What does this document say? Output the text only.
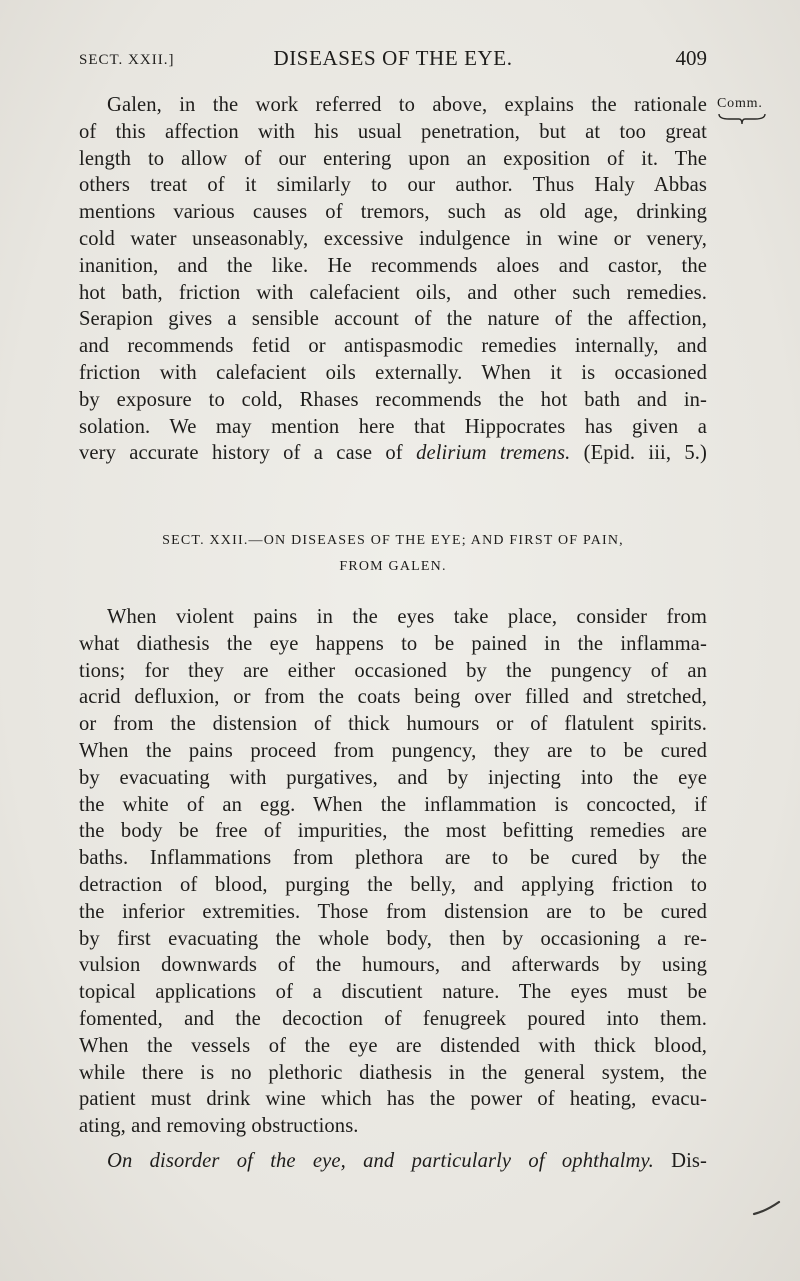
SECT. XXII.]	DISEASES OF THE EYE.	409
Comm.
Galen, in the work referred to above, explains the rationale
of this affection with his usual penetration, but at too great
length to allow of our entering upon an exposition of it. The
others treat of it similarly to our author. Thus Haly Abbas
mentions various causes of tremors, such as old age, drinking
cold water unseasonably, excessive indulgence in wine or venery,
inanition, and the like. He recommends aloes and castor, the
hot bath, friction with calefacient oils, and other such remedies.
Serapion gives a sensible account of the nature of the affection,
and recommends fetid or antispasmodic remedies internally, and
friction with calefacient oils externally. When it is occasioned
by exposure to cold, Rhases recommends the hot bath and in-
solation. We may mention here that Hippocrates has given a
very accurate history of a case of delirium tremens. (Epid. iii, 5.)
SECT. XXII.—ON DISEASES OF THE EYE; AND FIRST OF PAIN,
FROM GALEN.
When violent pains in the eyes take place, consider from
what diathesis the eye happens to be pained in the inflamma-
tions; for they are either occasioned by the pungency of an
acrid defluxion, or from the coats being over filled and stretched,
or from the distension of thick humours or of flatulent spirits.
When the pains proceed from pungency, they are to be cured
by evacuating with purgatives, and by injecting into the eye
the white of an egg. When the inflammation is concocted, if
the body be free of impurities, the most befitting remedies are
baths. Inflammations from plethora are to be cured by the
detraction of blood, purging the belly, and applying friction to
the inferior extremities. Those from distension are to be cured
by first evacuating the whole body, then by occasioning a re-
vulsion downwards of the humours, and afterwards by using
topical applications of a discutient nature. The eyes must be
fomented, and the decoction of fenugreek poured into them.
When the vessels of the eye are distended with thick blood,
while there is no plethoric diathesis in the general system, the
patient must drink wine which has the power of heating, evacu-
ating, and removing obstructions.
On disorder of the eye, and particularly of ophthalmy. Dis-
